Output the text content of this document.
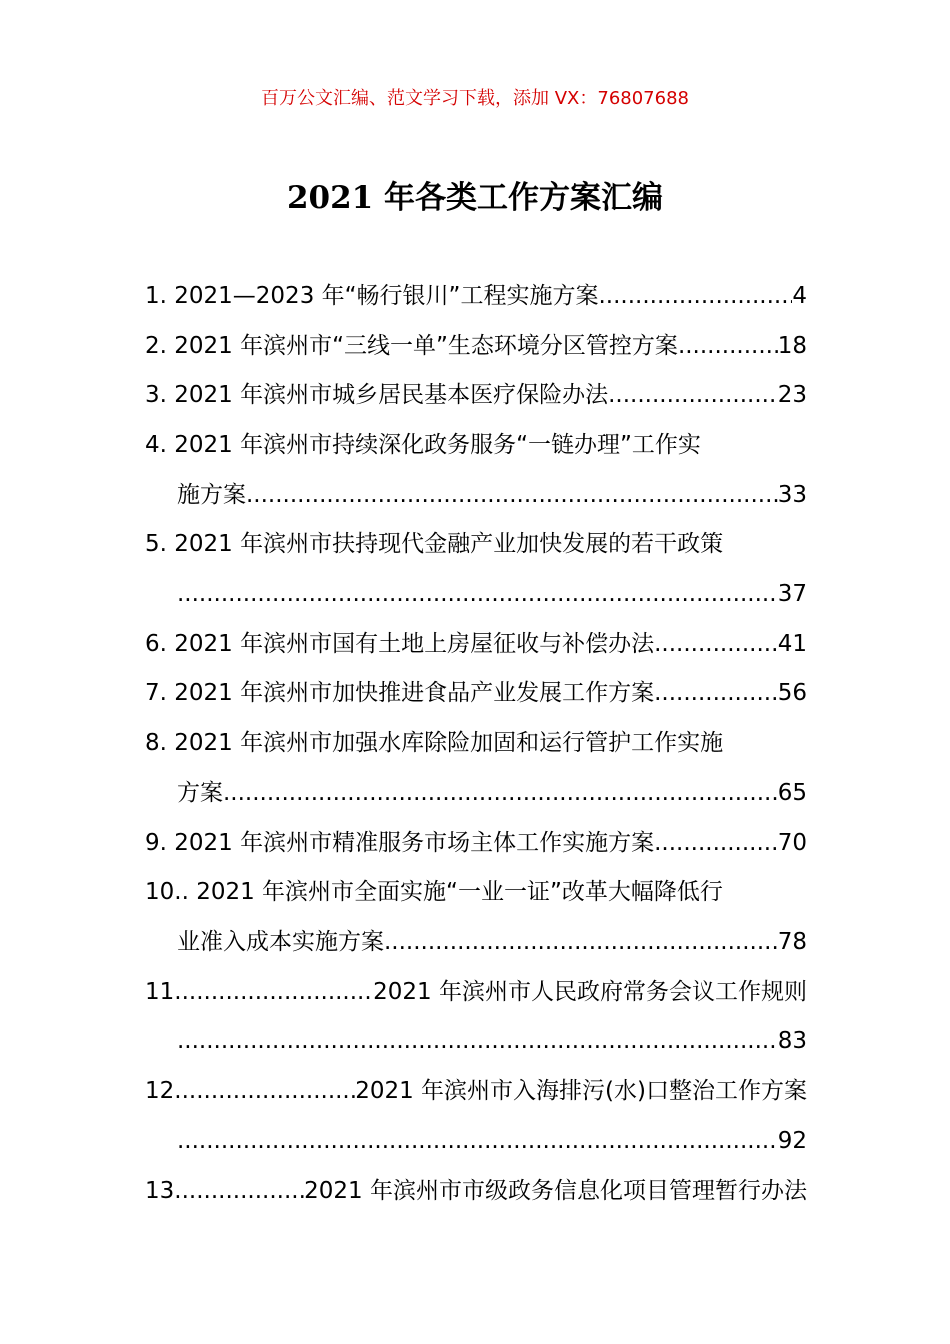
百万公文汇编、范文学习下载，添加 VX：76807688
2021 年各类工作方案汇编
1. 2021—2023 年“畅行银川”工程实施方案 .....	4
2. 2021 年滨州市“三线一单”生态环境分区管控方案 .....	18
3. 2021 年滨州市城乡居民基本医疗保险办法 .....	23
4. 2021 年滨州市持续深化政务服务“一链办理”工作实
施方案 .....	33
5. 2021 年滨州市扶持现代金融产业加快发展的若干政策
.....
37
6. 2021 年滨州市国有土地上房屋征收与补偿办法 .....	41
7. 2021 年滨州市加快推进食品产业发展工作方案 .....	56
8. 2021 年滨州市加强水库除险加固和运行管护工作实施
方案 .....	65
9. 2021 年滨州市精准服务市场主体工作实施方案 .....	70
10.. 2021 年滨州市全面实施“一业一证”改革大幅降低行
业准入成本实施方案 .....	78
11 .....	2021 年滨州市人民政府常务会议工作规则
.....
83
12 .....	2021 年滨州市入海排污(水)口整治工作方案
.....
92
13 .....	2021 年滨州市市级政务信息化项目管理暂行办法
